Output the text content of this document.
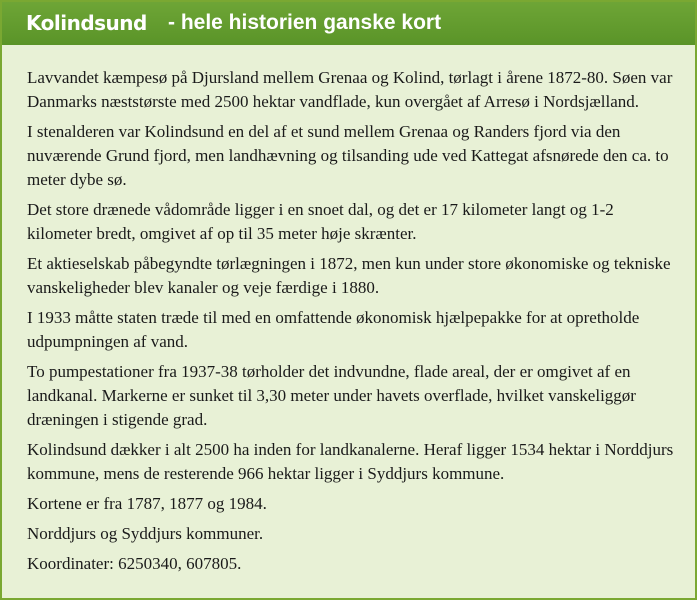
Kolindsund - hele historien ganske kort

Lavvandet kæmpesø på Djursland mellem Grenaa og Kolind, tørlagt i årene 1872-80. Søen var Danmarks næststørste med 2500 hektar vandflade, kun overgået af Arresø i Nordsjælland.

I stenalderen var Kolindsund en del af et sund mellem Grenaa og Randers fjord via den nuværende Grund fjord, men landhævning og tilsanding ude ved Kattegat afsnørede den ca. to meter dybe sø.

Det store drænede vådområde ligger i en snoet dal, og det er 17 kilometer langt og 1-2 kilometer bredt, omgivet af op til 35 meter høje skrænter.

Et aktieselskab påbegyndte tørlægningen i 1872, men kun under store økonomiske og tekniske vanskeligheder blev kanaler og veje færdige i 1880.

I 1933 måtte staten træde til med en omfattende økonomisk hjælpepakke for at opretholde udpumpningen af vand.

To pumpestationer fra 1937-38 tørholder det indvundne, flade areal, der er omgivet af en landkanal. Markerne er sunket til 3,30 meter under havets overflade, hvilket vanskeliggør dræningen i stigende grad.

Kolindsund dækker i alt 2500 ha inden for landkanalerne. Heraf ligger 1534 hektar i Norddjurs kommune, mens de resterende 966 hektar ligger i Syddjurs kommune.

Kortene er fra 1787, 1877 og 1984.

Norddjurs og Syddjurs kommuner.

Koordinater: 6250340, 607805.
